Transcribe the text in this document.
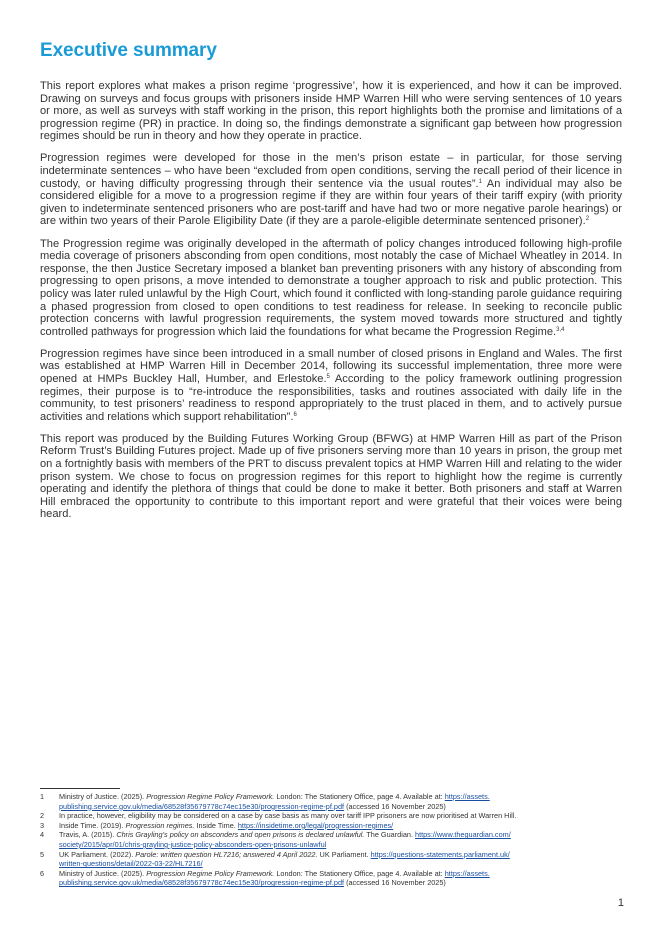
Executive summary

This report explores what makes a prison regime ‘progressive’, how it is experienced, and how it can be improved. Drawing on surveys and focus groups with prisoners inside HMP Warren Hill who were serving sentences of 10 years or more, as well as surveys with staff working in the prison, this report highlights both the promise and limitations of a progression regime (PR) in practice. In doing so, the findings demonstrate a significant gap between how progression regimes should be run in theory and how they operate in practice.

Progression regimes were developed for those in the men’s prison estate – in particular, for those serving indeterminate sentences – who have been “excluded from open conditions, serving the recall period of their licence in custody, or having difficulty progressing through their sentence via the usual routes”.$^1$ An individual may also be considered eligible for a move to a progression regime if they are within four years of their tariff expiry (with priority given to indeterminate sentenced prisoners who are post-tariff and have had two or more negative parole hearings) or are within two years of their Parole Eligibility Date (if they are a parole-eligible determinate sentenced prisoner).$^2$

The Progression regime was originally developed in the aftermath of policy changes introduced following high-profile media coverage of prisoners absconding from open conditions, most notably the case of Michael Wheatley in 2014. In response, the then Justice Secretary imposed a blanket ban preventing prisoners with any history of absconding from progressing to open prisons, a move intended to demonstrate a tougher approach to risk and public protection. This policy was later ruled unlawful by the High Court, which found it conflicted with long-standing parole guidance requiring a phased progression from closed to open conditions to test readiness for release. In seeking to reconcile public protection concerns with lawful progression requirements, the system moved towards more structured and tightly controlled pathways for progression which laid the foundations for what became the Progression Regime.$^{3,4}$

Progression regimes have since been introduced in a small number of closed prisons in England and Wales. The first was established at HMP Warren Hill in December 2014, following its successful implementation, three more were opened at HMPs Buckley Hall, Humber, and Erlestoke.$^5$ According to the policy framework outlining progression regimes, their purpose is to “re-introduce the responsibilities, tasks and routines associated with daily life in the community, to test prisoners’ readiness to respond appropriately to the trust placed in them, and to actively pursue activities and relations which support rehabilitation”.$^6$

This report was produced by the Building Futures Working Group (BFWG) at HMP Warren Hill as part of the Prison Reform Trust’s Building Futures project. Made up of five prisoners serving more than 10 years in prison, the group met on a fortnightly basis with members of the PRT to discuss prevalent topics at HMP Warren Hill and relating to the wider prison system. We chose to focus on progression regimes for this report to highlight how the regime is currently operating and identify the plethora of things that could be done to make it better. Both prisoners and staff at Warren Hill embraced the opportunity to contribute to this important report and were grateful that their voices were being heard.

1	Ministry of Justice. (2025). Progression Regime Policy Framework. London: The Stationery Office, page 4. Available at: https://assets.
publishing.service.gov.uk/media/68528f35679778c74ec15e30/progression-regime-pf.pdf (accessed 16 November 2025)
2	In practice, however, eligibility may be considered on a case by case basis as many over tariff IPP prisoners are now prioritised at Warren Hill.
3	Inside Time. (2019). Progression regimes. Inside Time. https://insidetime.org/legal/progression-regimes/
4	Travis, A. (2015). Chris Grayling’s policy on absconders and open prisons is declared unlawful. The Guardian. https://www.theguardian.com/
society/2015/apr/01/chris-grayling-justice-policy-absconders-open-prisons-unlawful
5	UK Parliament. (2022). Parole: written question HL7216; answered 4 April 2022. UK Parliament. https://questions-statements.parliament.uk/
written-questions/detail/2022-03-22/HL7216/
6	Ministry of Justice. (2025). Progression Regime Policy Framework. London: The Stationery Office, page 4. Available at: https://assets.
publishing.service.gov.uk/media/68528f35679778c74ec15e30/progression-regime-pf.pdf (accessed 16 November 2025)
1
